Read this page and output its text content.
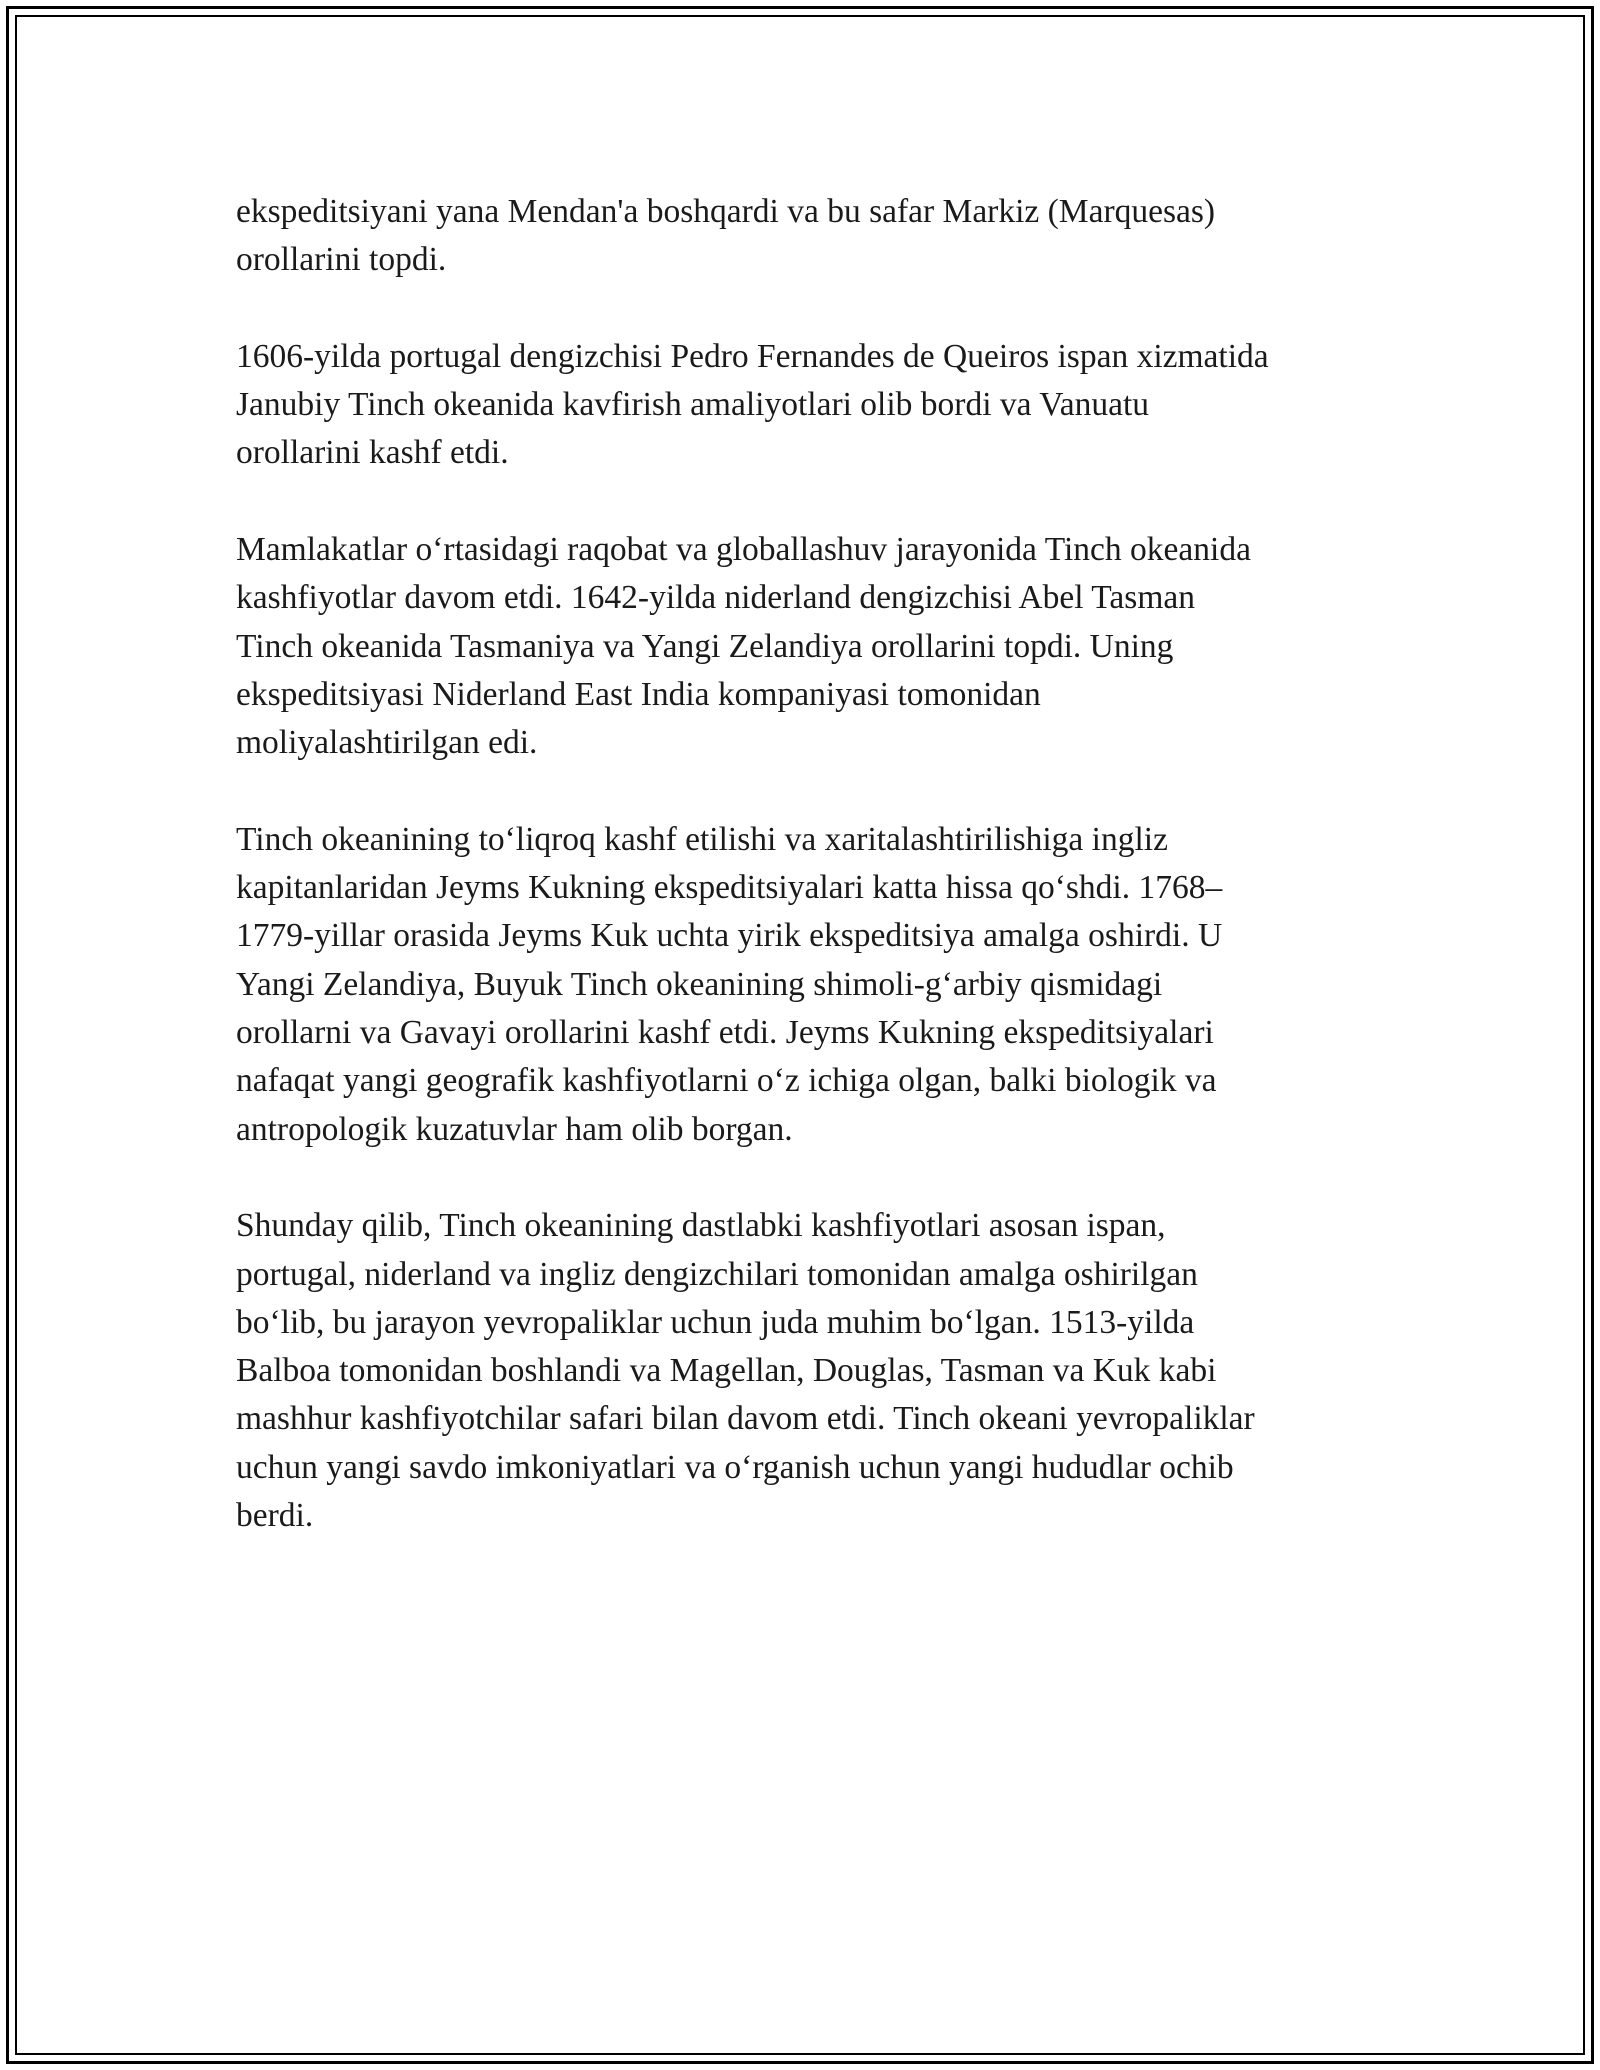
ekspeditsiyani yana Mendan'a boshqardi va bu safar Markiz (Marquesas)
orollarini topdi.

1606-yilda portugal dengizchisi Pedro Fernandes de Queiros ispan xizmatida
Janubiy Tinch okeanida kavfirish amaliyotlari olib bordi va Vanuatu
orollarini kashf etdi.

Mamlakatlar oʻrtasidagi raqobat va globallashuv jarayonida Tinch okeanida
kashfiyotlar davom etdi. 1642-yilda niderland dengizchisi Abel Tasman
Tinch okeanida Tasmaniya va Yangi Zelandiya orollarini topdi. Uning
ekspeditsiyasi Niderland East India kompaniyasi tomonidan
moliyalashtirilgan edi.

Tinch okeanining toʻliqroq kashf etilishi va xaritalashtirilishiga ingliz
kapitanlaridan Jeyms Kukning ekspeditsiyalari katta hissa qoʻshdi. 1768–
1779-yillar orasida Jeyms Kuk uchta yirik ekspeditsiya amalga oshirdi. U
Yangi Zelandiya, Buyuk Tinch okeanining shimoli-gʻarbiy qismidagi
orollarni va Gavayi orollarini kashf etdi. Jeyms Kukning ekspeditsiyalari
nafaqat yangi geografik kashfiyotlarni oʻz ichiga olgan, balki biologik va
antropologik kuzatuvlar ham olib borgan.

Shunday qilib, Tinch okeanining dastlabki kashfiyotlari asosan ispan,
portugal, niderland va ingliz dengizchilari tomonidan amalga oshirilgan
boʻlib, bu jarayon yevropaliklar uchun juda muhim boʻlgan. 1513-yilda
Balboa tomonidan boshlandi va Magellan, Douglas, Tasman va Kuk kabi
mashhur kashfiyotchilar safari bilan davom etdi. Tinch okeani yevropaliklar
uchun yangi savdo imkoniyatlari va oʻrganish uchun yangi hududlar ochib
berdi.
